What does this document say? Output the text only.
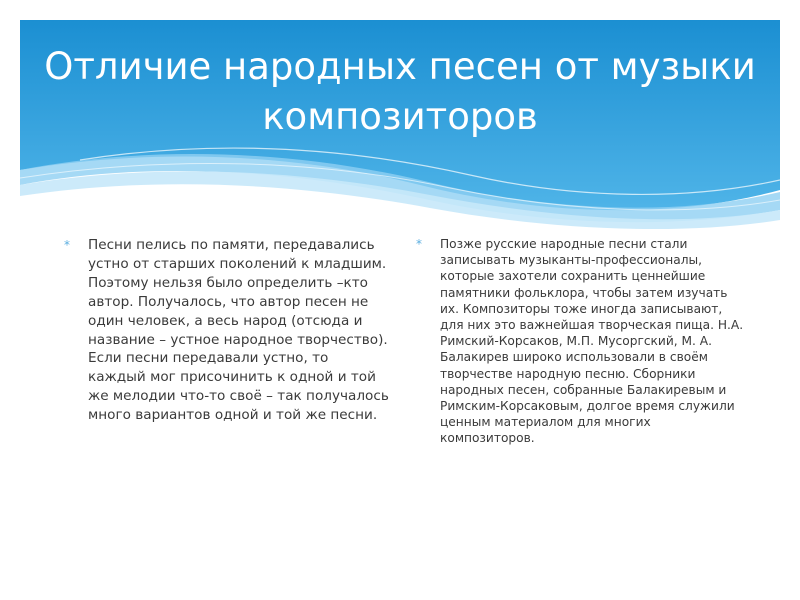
Отличие народных песен от музыки
композиторов
* Песни пелись по памяти, передавались устно от старших поколений к младшим. Поэтому нельзя было определить –кто автор. Получалось, что автор песен не один человек, а весь народ (отсюда и название – устное народное творчество). Если песни передавали устно, то каждый мог присочинить к одной и той же мелодии что-то своё – так получалось много вариантов одной и той же песни.

* Позже русские народные песни стали записывать музыканты-профессионалы, которые захотели сохранить ценнейшие памятники фольклора, чтобы затем изучать их. Композиторы тоже иногда записывают, для них это важнейшая творческая пища. Н.А. Римский-Корсаков, М.П. Мусоргский, М. А. Балакирев широко использовали в своём творчестве народную песню. Сборники народных песен, собранные Балакиревым и Римским-Корсаковым, долгое время служили ценным материалом для многих композиторов.
